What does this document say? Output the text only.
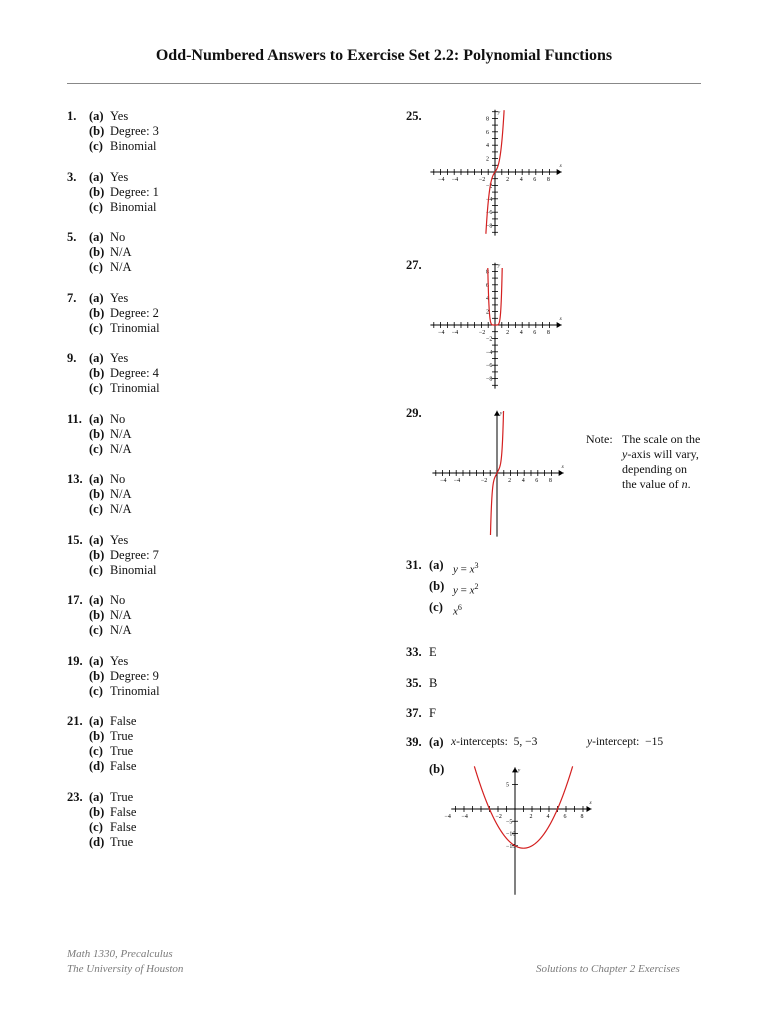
Odd-Numbered Answers to Exercise Set 2.2: Polynomial Functions
1.	(a) Yes
(b) Degree: 3
(c) Binomial
3.	(a) Yes
(b) Degree: 1
(c) Binomial
5.	(a) No
(b) N/A
(c) N/A
7.	(a) Yes
(b) Degree: 2
(c) Trinomial
9.	(a) Yes
(b) Degree: 4
(c) Trinomial
11. (a) No
(b) N/A
(c) N/A
13. (a) No
(b) N/A
(c) N/A
15. (a) Yes
(b) Degree: 7
(c) Binomial
17. (a) No
(b) N/A
(c) N/A
19. (a) Yes
(b) Degree: 9
(c) Trinomial
21. (a) False
(b) True
(c) True
(d) False
23. (a) True
(b) False
(c) False
(d) True
25.
27.
29.
Note: The scale on the
y-axis will vary,
depending on
the value of n.
31. (a) $y = x^3$
(b) $y = x^2$
(c) $x^6$
33. E
35. B
37. F
39. (a) x-intercepts:  5, −3	y-intercept:  −15
(b)
x
y
−4 −4	−2	2 4 6 8
8
6
4
2
−2
−4
−6
−8
x
y
−4 −4	−2	2 4 6 8
8
6
4
2
−2
−4
−6
−8
x
y
−4 −4	−2	2 4 6 8
x
y
−4 −4	−2	2 4 6 8
5
−5
−10
−15
Math 1330, Precalculus
The University of Houston	Solutions to Chapter 2 Exercises
